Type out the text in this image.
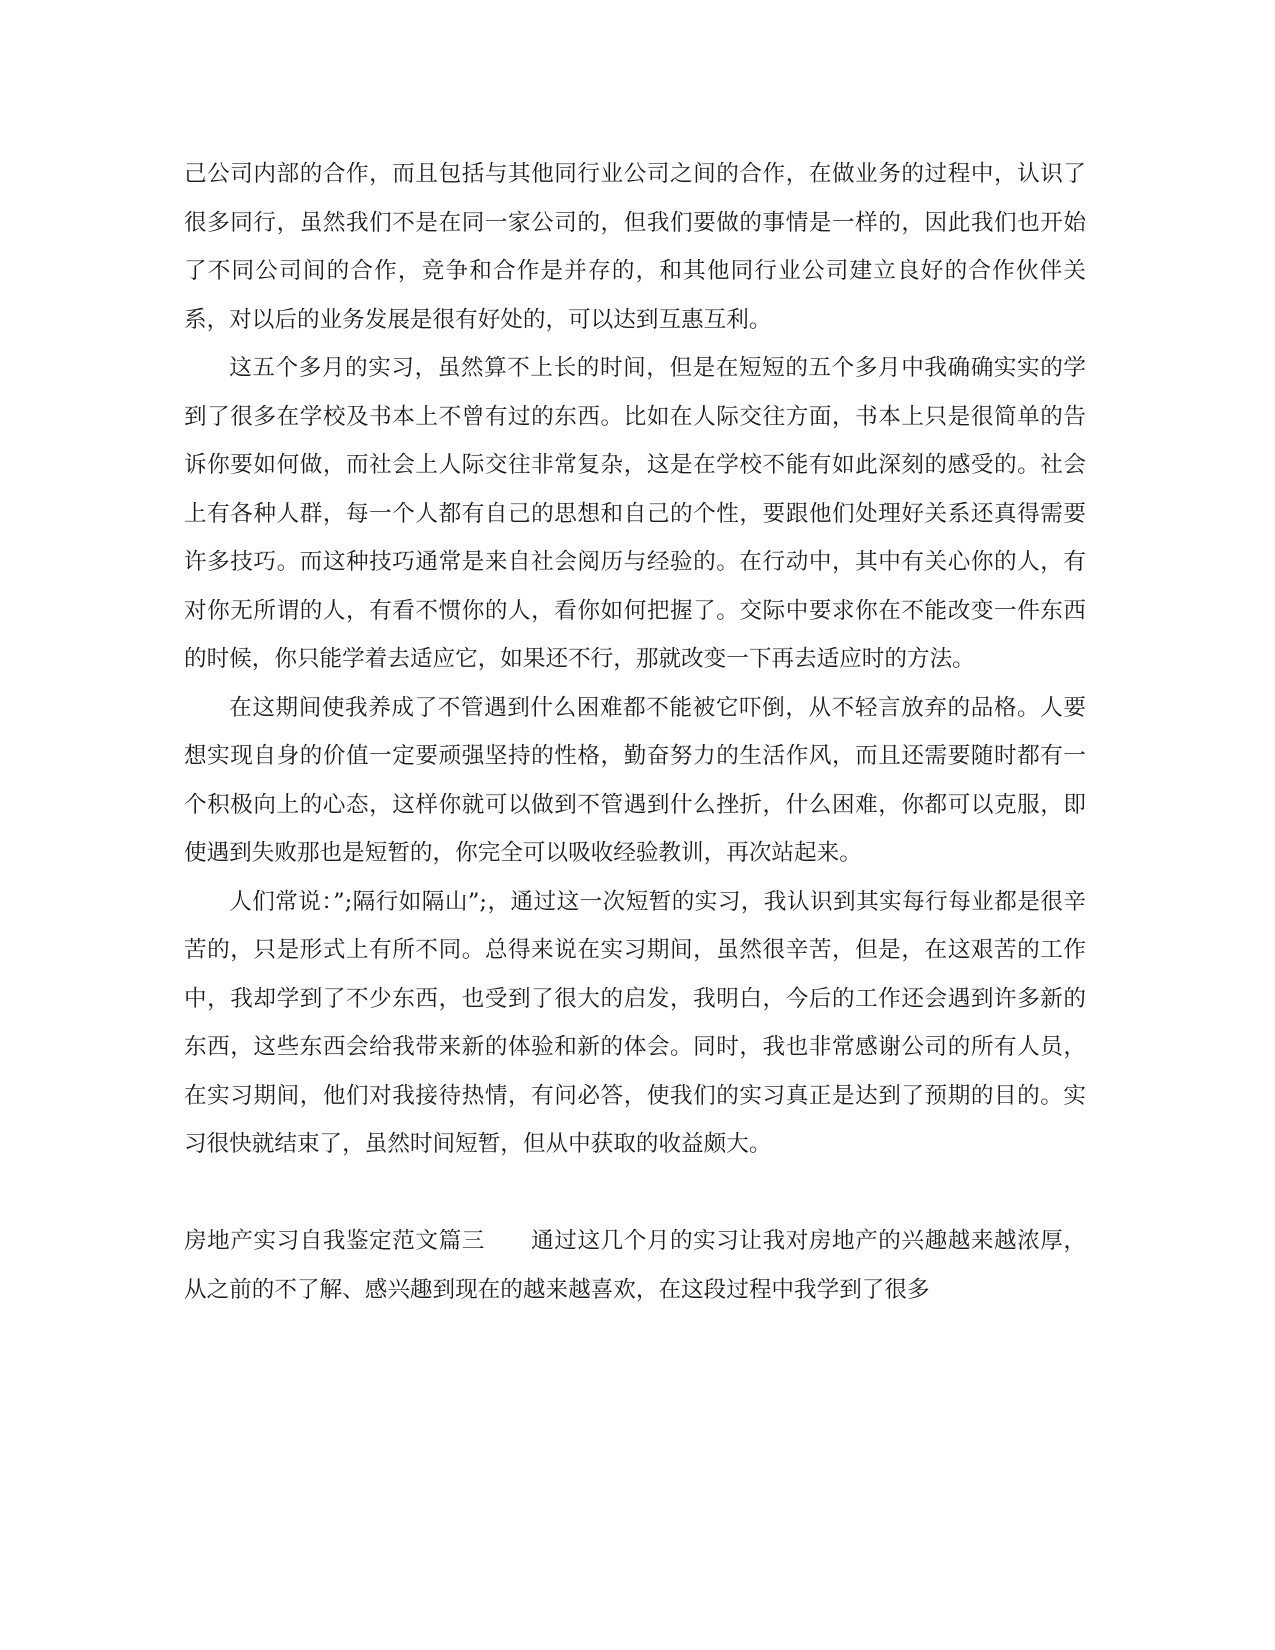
己公司内部的合作，而且包括与其他同行业公司之间的合作，在做业务的过程中，认识了很多同行，虽然我们不是在同一家公司的，但我们要做的事情是一样的，因此我们也开始了不同公司间的合作，竞争和合作是并存的，和其他同行业公司建立良好的合作伙伴关系，对以后的业务发展是很有好处的，可以达到互惠互利。

这五个多月的实习，虽然算不上长的时间，但是在短短的五个多月中我确确实实的学到了很多在学校及书本上不曾有过的东西。比如在人际交往方面，书本上只是很简单的告诉你要如何做，而社会上人际交往非常复杂，这是在学校不能有如此深刻的感受的。社会上有各种人群，每一个人都有自己的思想和自己的个性，要跟他们处理好关系还真得需要许多技巧。而这种技巧通常是来自社会阅历与经验的。在行动中，其中有关心你的人，有对你无所谓的人，有看不惯你的人，看你如何把握了。交际中要求你在不能改变一件东西的时候，你只能学着去适应它，如果还不行，那就改变一下再去适应时的方法。

在这期间使我养成了不管遇到什么困难都不能被它吓倒，从不轻言放弃的品格。人要想实现自身的价值一定要顽强坚持的性格，勤奋努力的生活作风，而且还需要随时都有一个积极向上的心态，这样你就可以做到不管遇到什么挫折，什么困难，你都可以克服，即使遇到失败那也是短暂的，你完全可以吸收经验教训，再次站起来。

人们常说：”;隔行如隔山”;，通过这一次短暂的实习，我认识到其实每行每业都是很辛苦的，只是形式上有所不同。总得来说在实习期间，虽然很辛苦，但是，在这艰苦的工作中，我却学到了不少东西，也受到了很大的启发，我明白，今后的工作还会遇到许多新的东西，这些东西会给我带来新的体验和新的体会。同时，我也非常感谢公司的所有人员，在实习期间，他们对我接待热情，有问必答，使我们的实习真正是达到了预期的目的。实习很快就结束了，虽然时间短暂，但从中获取的收益颇大。

房地产实习自我鉴定范文篇三　　 通过这几个月的实习让我对房地产的兴趣越来越浓厚，从之前的不了解、感兴趣到现在的越来越喜欢，在这段过程中我学到了很多
